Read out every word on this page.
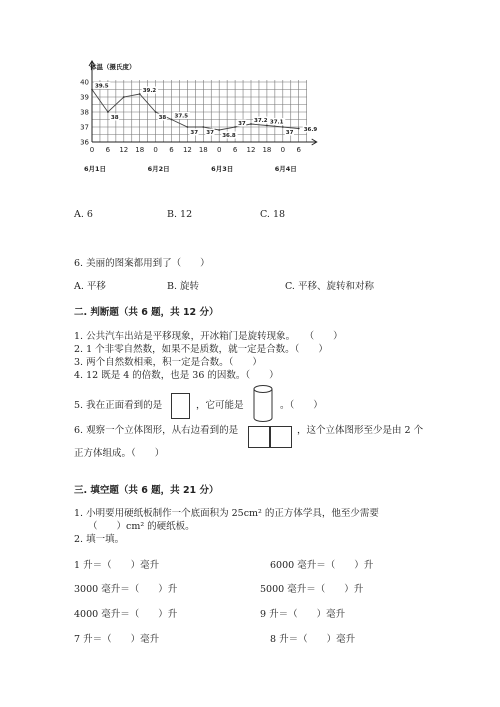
体温（摄氏度）
36
37
38
39
40
0 6 12 18 0 6 12 18 0 6 12 18 0 6
6月1日	6月2日	6月3日	6月4日
39.5
38
39.2
38 37.5
37 37 36.8
37 37.2 37.1
37 36.9
A. 6	B. 12	C. 18
6. 美丽的图案都用到了（　　）
A. 平移	B. 旋转	C. 平移、旋转和对称
二. 判断题（共 6 题，共 12 分）
1. 公共汽车出站是平移现象，开冰箱门是旋转现象。　　（　　）
2. 1 个非零自然数，如果不是质数，就一定是合数。（　　）
3. 两个自然数相乘，积一定是合数。（　　）
4. 12 既是 4 的倍数，也是 36 的因数。（　　）
5. 我在正面看到的是	，它可能是	。（　　）
6. 观察一个立体图形，从右边看到的是	，这个立体图形至少是由 2 个
正方体组成。（　　）
三. 填空题（共 6 题，共 21 分）
1. 小明要用硬纸板制作一个底面积为 25cm² 的正方体学具，他至少需要
（　　）cm² 的硬纸板。
2. 填一填。
1 升＝（　　）毫升	6000 毫升＝（　　）升
3000 毫升＝（　　）升	5000 毫升＝（　　）升
4000 毫升＝（　　）升	9 升＝（　　）毫升
7 升＝（　　）毫升	8 升＝（　　）毫升
